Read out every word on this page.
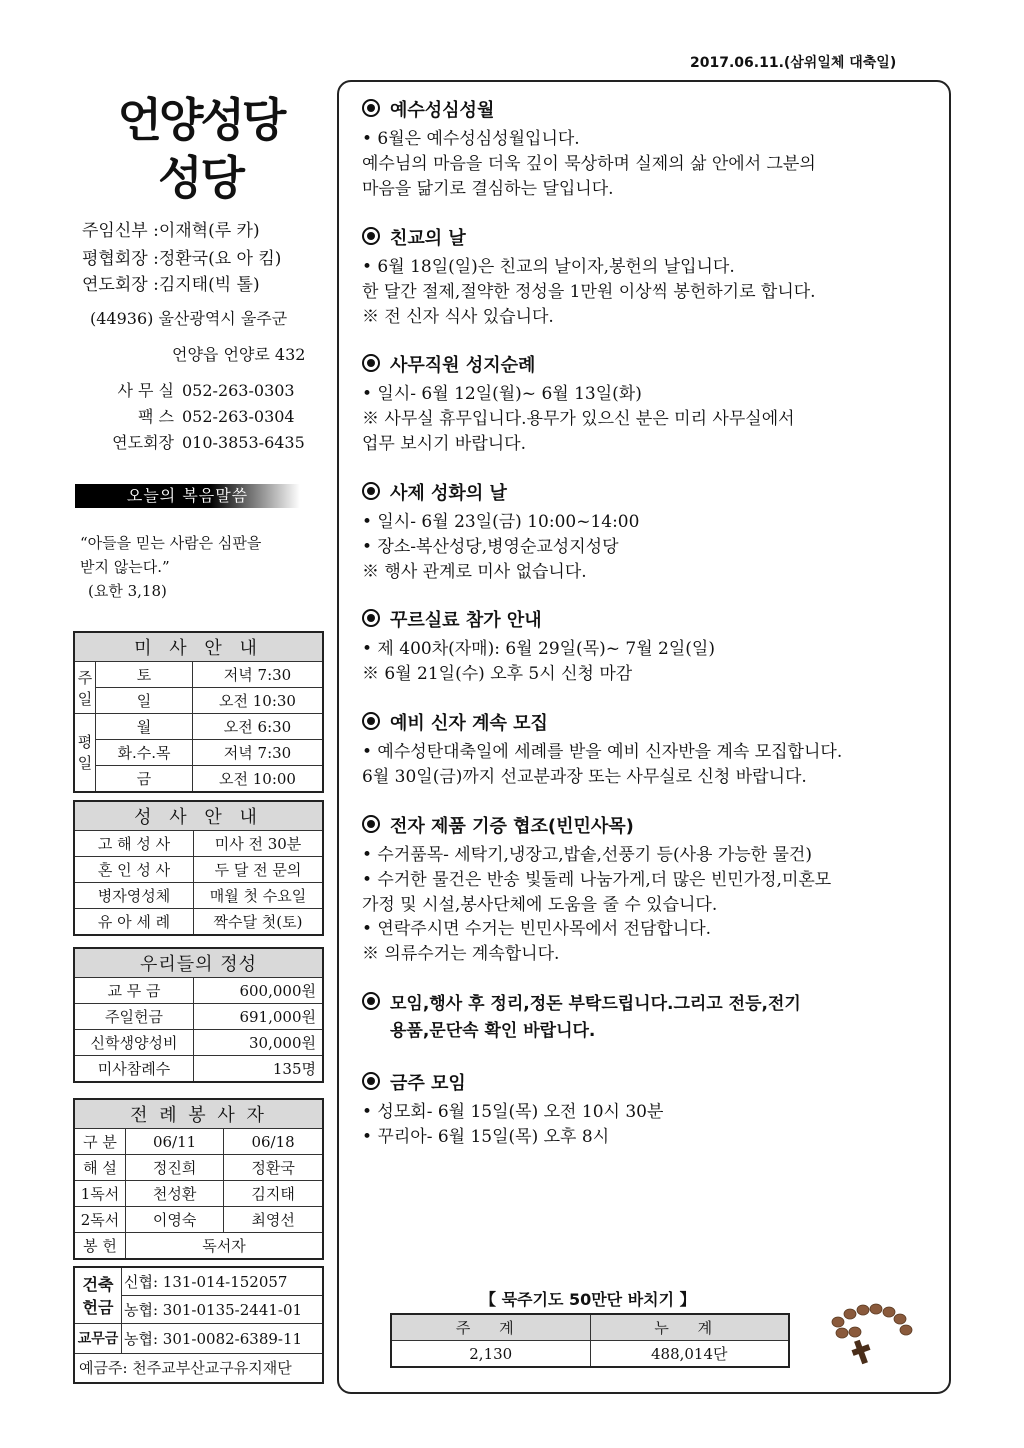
2017.06.11.(삼위일체 대축일)
언양성당
성당
주임신부 :이재혁(루 카)
평협회장 :정환국(요 아 킴)
연도회장 :김지태(빅 톨)
(44936) 울산광역시 울주군
언양읍 언양로 432
사 무 실 052-263-0303
팩 스 052-263-0304
연도회장 010-3853-6435
오늘의 복음말씀
“아들을 믿는 사람은 심판을
받지 않는다.”
(요한 3,18)
미 사 안 내		
주일	토	저녁 7:30
	일	오전 10:30
평일	월	오전 6:30
	화.수.목	저녁 7:30
	금	오전 10:00
성 사 안 내	
고 해 성 사	미사 전 30분
혼 인 성 사	두 달 전 문의
병자영성체	매월 첫 수요일
유 아 세 례	짝수달 첫(토)
우리들의 정성	
교 무 금	600,000원
주일헌금	691,000원
신학생양성비	30,000원
미사참례수	135명
전 례 봉 사 자		
구 분	06/11	06/18
해 설	정진희	정환국
1독서	천성환	김지태
2독서	이영숙	최영선
봉 헌	독서자	
건축헌금	신협: 131-014-152057
	농협: 301-0135-2441-01
교무금	농협: 301-0082-6389-11
예금주: 천주교부산교구유지재단	
예수성심성월
• 6월은 예수성심성월입니다.
예수님의 마음을 더욱 깊이 묵상하며 실제의 삶 안에서 그분의
마음을 닮기로 결심하는 달입니다.
친교의 날
• 6월 18일(일)은 친교의 날이자,봉헌의 날입니다.
한 달간 절제,절약한 정성을 1만원 이상씩 봉헌하기로 합니다.
※ 전 신자 식사 있습니다.
사무직원 성지순례
• 일시- 6월 12일(월)~ 6월 13일(화)
※ 사무실 휴무입니다.용무가 있으신 분은 미리 사무실에서
업무 보시기 바랍니다.
사제 성화의 날
• 일시- 6월 23일(금) 10:00~14:00
• 장소-복산성당,병영순교성지성당
※ 행사 관계로 미사 없습니다.
꾸르실료 참가 안내
• 제 400차(자매): 6월 29일(목)~ 7월 2일(일)
※ 6월 21일(수) 오후 5시 신청 마감
예비 신자 계속 모집
• 예수성탄대축일에 세례를 받을 예비 신자반을 계속 모집합니다.
6월 30일(금)까지 선교분과장 또는 사무실로 신청 바랍니다.
전자 제품 기증 협조(빈민사목)
• 수거품목- 세탁기,냉장고,밥솥,선풍기 등(사용 가능한 물건)
• 수거한 물건은 반송 빛둘레 나눔가게,더 많은 빈민가정,미혼모
가정 및 시설,봉사단체에 도움을 줄 수 있습니다.
• 연락주시면 수거는 빈민사목에서 전담합니다.
※ 의류수거는 계속합니다.
모임,행사 후 정리,정돈 부탁드립니다.그리고 전등,전기
용품,문단속 확인 바랍니다.
금주 모임
• 성모회- 6월 15일(목) 오전 10시 30분
• 꾸리아- 6월 15일(목) 오후 8시
【 묵주기도 50만단 바치기 】
주 계	누 계
2,130	488,014단
